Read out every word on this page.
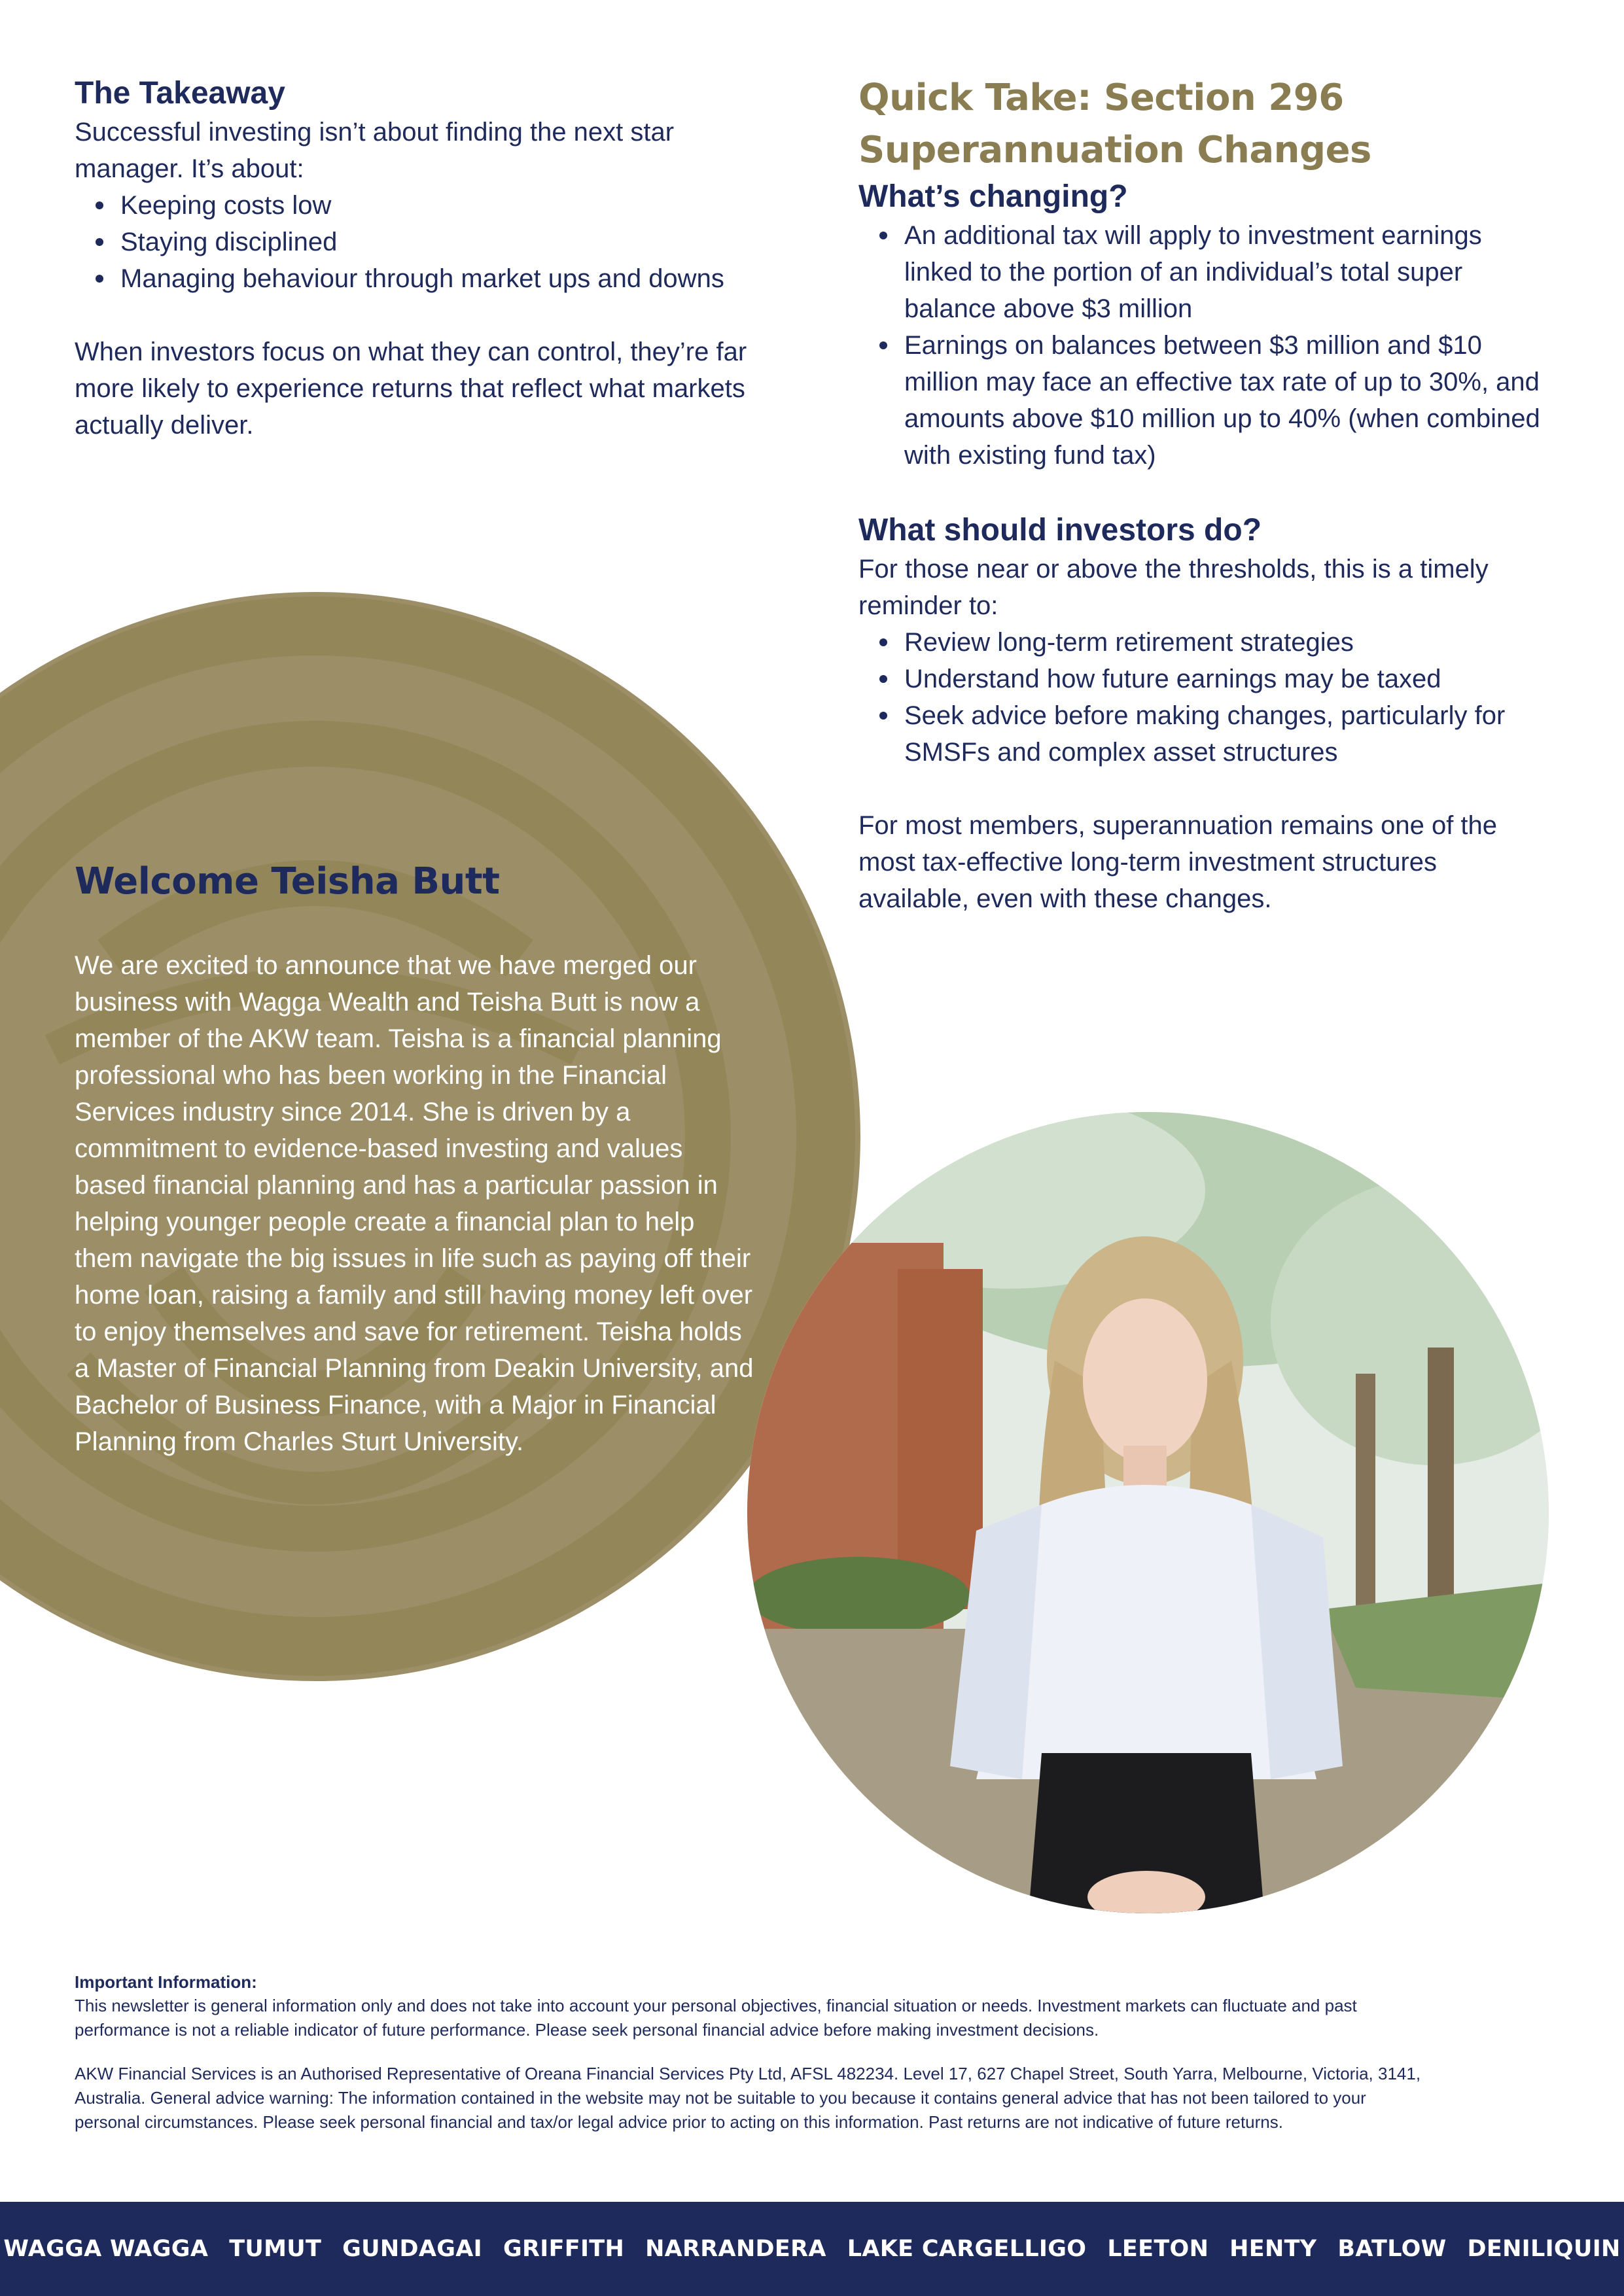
The Takeaway
Successful investing isn’t about finding the next star
manager. It’s about:
Keeping costs low
Staying disciplined
Managing behaviour through market ups and downs
When investors focus on what they can control, they’re far
more likely to experience returns that reflect what markets
actually deliver.
Quick Take: Section 296
Superannuation Changes
What’s changing?
An additional tax will apply to investment earnings
linked to the portion of an individual’s total super
balance above $3 million
Earnings on balances between $3 million and $10
million may face an effective tax rate of up to 30%, and
amounts above $10 million up to 40% (when combined
with existing fund tax)
What should investors do?
For those near or above the thresholds, this is a timely
reminder to:
Review long-term retirement strategies
Understand how future earnings may be taxed
Seek advice before making changes, particularly for
SMSFs and complex asset structures
For most members, superannuation remains one of the
most tax-effective long-term investment structures
available, even with these changes.
Welcome Teisha Butt
We are excited to announce that we have merged our
business with Wagga Wealth and Teisha Butt is now a
member of the AKW team. Teisha is a financial planning
professional who has been working in the Financial
Services industry since 2014. She is driven by a
commitment to evidence-based investing and values
based financial planning and has a particular passion in
helping younger people create a financial plan to help
them navigate the big issues in life such as paying off their
home loan, raising a family and still having money left over
to enjoy themselves and save for retirement. Teisha holds
a Master of Financial Planning from Deakin University, and
Bachelor of Business Finance, with a Major in Financial
Planning from Charles Sturt University.
Important Information:
This newsletter is general information only and does not take into account your personal objectives, financial situation or needs. Investment markets can fluctuate and past
performance is not a reliable indicator of future performance. Please seek personal financial advice before making investment decisions.
AKW Financial Services is an Authorised Representative of Oreana Financial Services Pty Ltd, AFSL 482234. Level 17, 627 Chapel Street, South Yarra, Melbourne, Victoria, 3141,
Australia. General advice warning: The information contained in the website may not be suitable to you because it contains general advice that has not been tailored to your
personal circumstances. Please seek personal financial and tax/or legal advice prior to acting on this information. Past returns are not indicative of future returns.
WAGGA WAGGA TUMUT GUNDAGAI GRIFFITH NARRANDERA LAKE CARGELLIGO LEETON HENTY BATLOW DENILIQUIN
